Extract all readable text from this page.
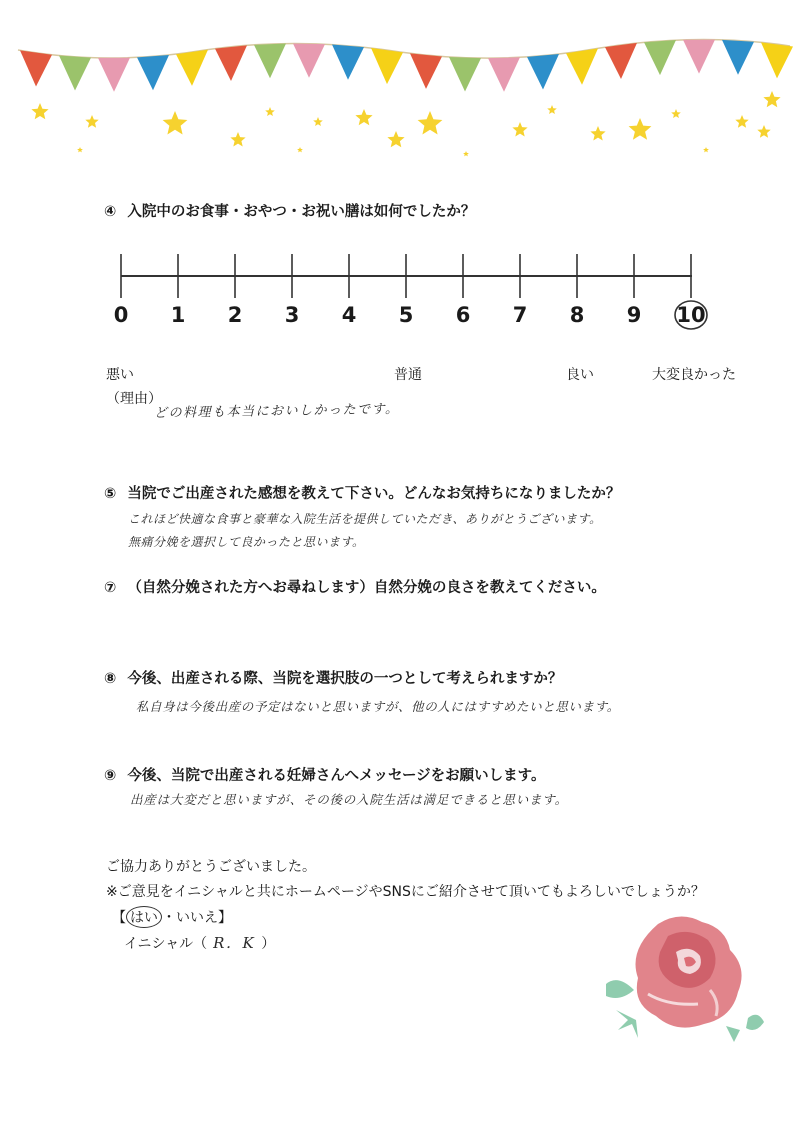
④ 入院中のお食事・おやつ・お祝い膳は如何でしたか？
0	1	2	3	4	5	6	7	8	9	10
悪い	普通	良い	大変良かった
（理由）
どの料理も本当においしかったです。
⑤ 当院でご出産された感想を教えて下さい。どんなお気持ちになりましたか？
これほど快適な食事と豪華な入院生活を提供していただき、ありがとうございます。
無痛分娩を選択して良かったと思います。
⑦ （自然分娩された方へお尋ねします）自然分娩の良さを教えてください。
⑧ 今後、出産される際、当院を選択肢の一つとして考えられますか？
私自身は今後出産の予定はないと思いますが、他の人にはすすめたいと思います。
⑨ 今後、当院で出産される妊婦さんへメッセージをお願いします。
出産は大変だと思いますが、その後の入院生活は満足できると思います。
ご協力ありがとうございました。
※ご意見をイニシャルと共にホームページやSNSにご紹介させて頂いてもよろしいでしょうか？
【 はい ・いいえ】
イニシャル（ R．K ）
